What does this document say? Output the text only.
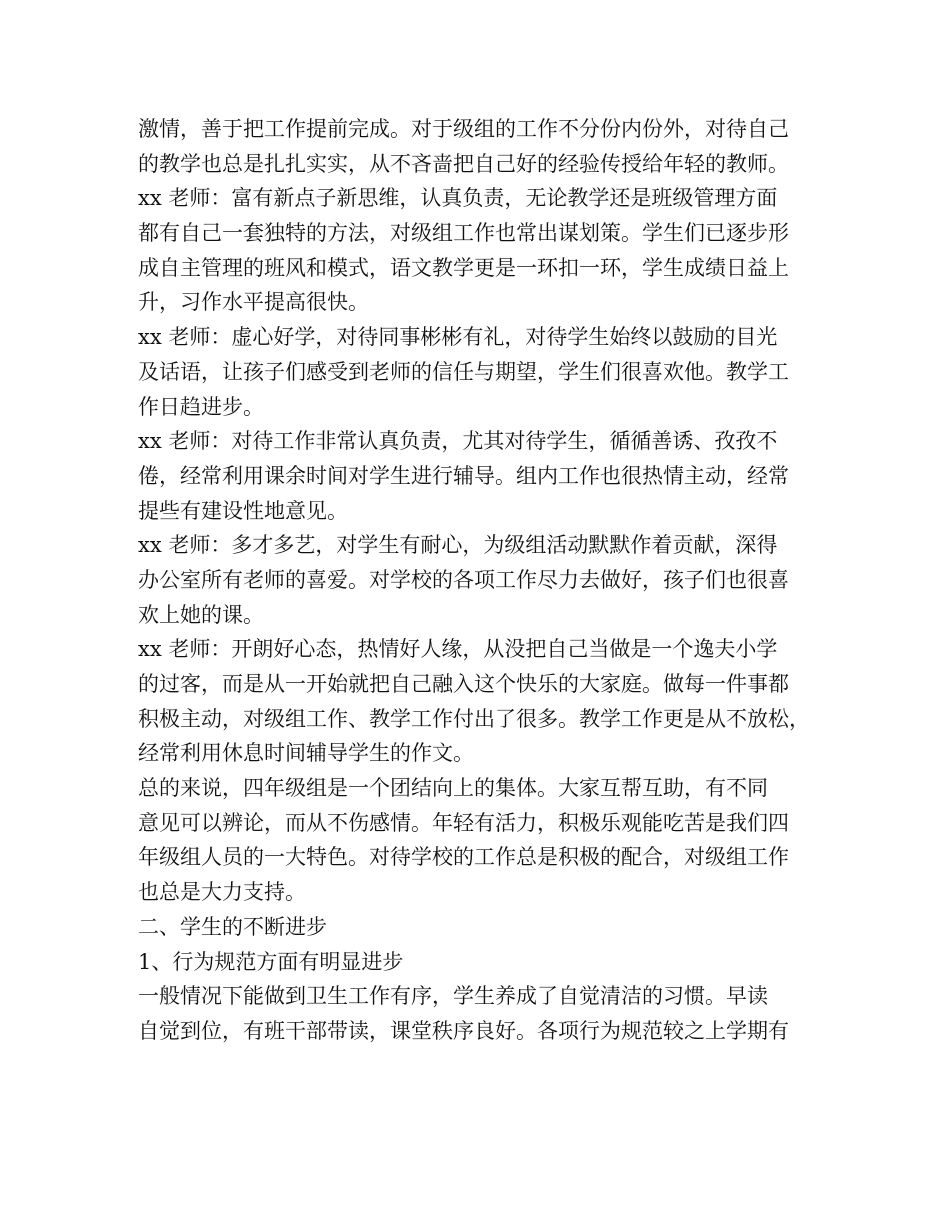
激情，善于把工作提前完成。对于级组的工作不分份内份外，对待自己
的教学也总是扎扎实实，从不吝啬把自己好的经验传授给年轻的教师。
xx 老师：富有新点子新思维，认真负责，无论教学还是班级管理方面
都有自己一套独特的方法，对级组工作也常出谋划策。学生们已逐步形
成自主管理的班风和模式，语文教学更是一环扣一环，学生成绩日益上
升，习作水平提高很快。
xx 老师：虚心好学，对待同事彬彬有礼，对待学生始终以鼓励的目光
及话语，让孩子们感受到老师的信任与期望，学生们很喜欢他。教学工
作日趋进步。
xx 老师：对待工作非常认真负责，尤其对待学生，循循善诱、孜孜不
倦，经常利用课余时间对学生进行辅导。组内工作也很热情主动，经常
提些有建设性地意见。
xx 老师：多才多艺，对学生有耐心，为级组活动默默作着贡献，深得
办公室所有老师的喜爱。对学校的各项工作尽力去做好，孩子们也很喜
欢上她的课。
xx 老师：开朗好心态，热情好人缘，从没把自己当做是一个逸夫小学
的过客，而是从一开始就把自己融入这个快乐的大家庭。做每一件事都
积极主动，对级组工作、教学工作付出了很多。教学工作更是从不放松，
经常利用休息时间辅导学生的作文。
总的来说，四年级组是一个团结向上的集体。大家互帮互助，有不同
意见可以辨论，而从不伤感情。年轻有活力，积极乐观能吃苦是我们四
年级组人员的一大特色。对待学校的工作总是积极的配合，对级组工作
也总是大力支持。
二、学生的不断进步
1、行为规范方面有明显进步
一般情况下能做到卫生工作有序，学生养成了自觉清洁的习惯。早读
自觉到位，有班干部带读，课堂秩序良好。各项行为规范较之上学期有
